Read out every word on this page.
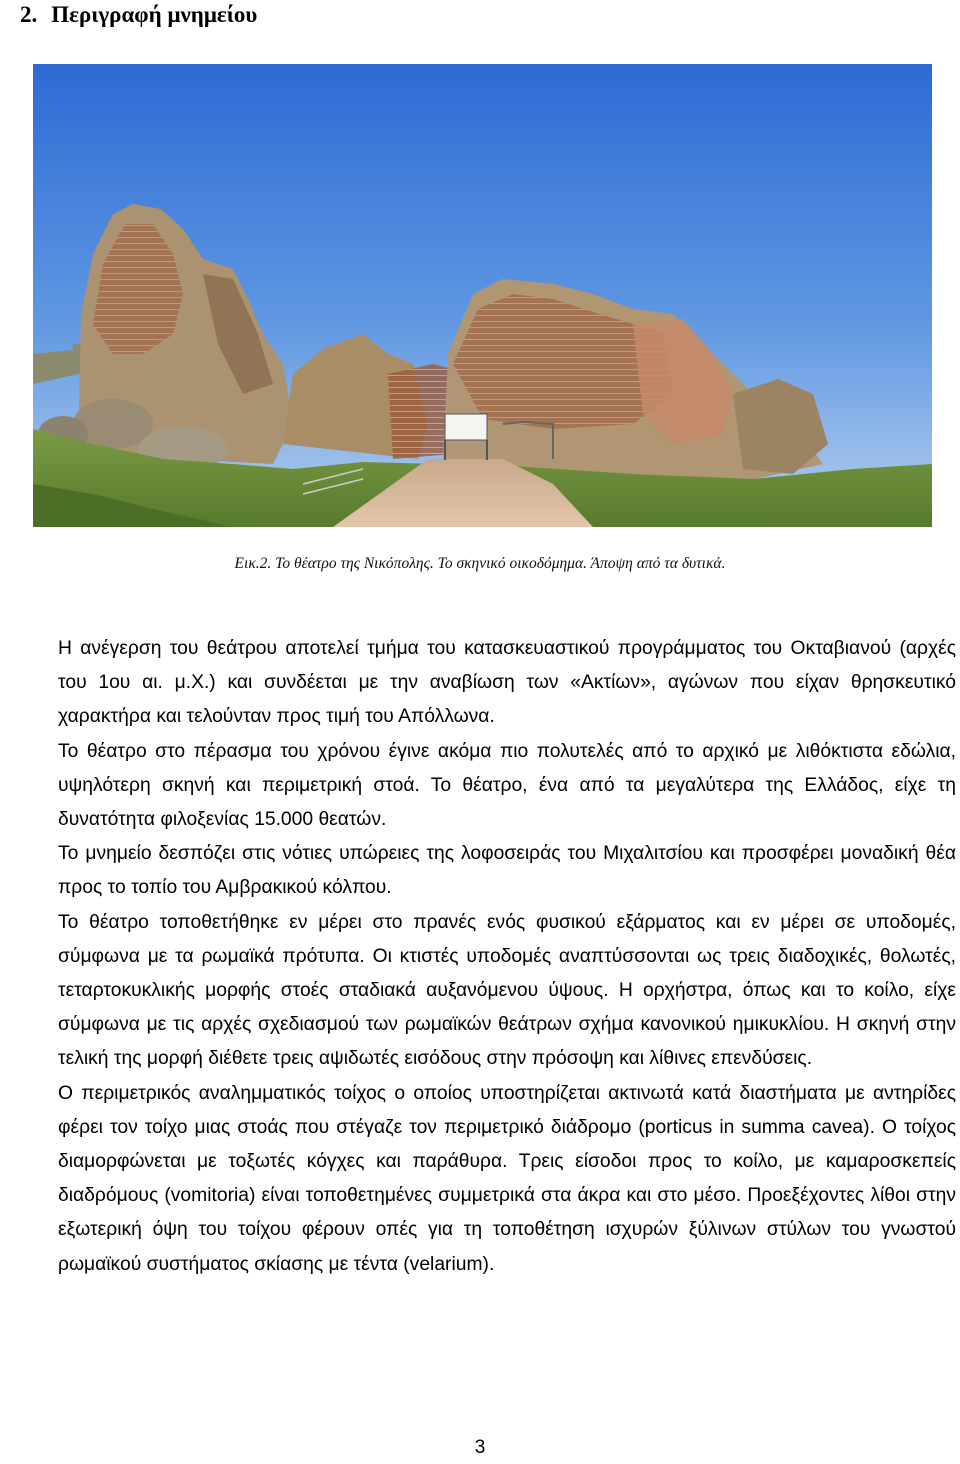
2. Περιγραφή μνημείου
Εικ.2. Το θέατρο της Νικόπολης. Το σκηνικό οικοδόμημα. Άποψη από τα δυτικά.

Η ανέγερση του θεάτρου αποτελεί τμήμα του κατασκευαστικού προγράμματος του Οκταβιανού (αρχές του 1ου αι. μ.Χ.) και συνδέεται με την αναβίωση των «Ακτίων», αγώνων που είχαν θρησκευτικό χαρακτήρα και τελούνταν προς τιμή του Απόλλωνα.

Το θέατρο στο πέρασμα του χρόνου έγινε ακόμα πιο πολυτελές από το αρχικό με λιθόκτιστα εδώλια, υψηλότερη σκηνή και περιμετρική στοά. Το θέατρο, ένα από τα μεγαλύτερα της Ελλάδος, είχε τη δυνατότητα φιλοξενίας 15.000 θεατών.

Το μνημείο δεσπόζει στις νότιες υπώρειες της λοφοσειράς του Μιχαλιτσίου και προσφέρει μοναδική θέα προς το τοπίο του Αμβρακικού κόλπου.

Το θέατρο τοποθετήθηκε εν μέρει στο πρανές ενός φυσικού εξάρματος και εν μέρει σε υποδομές, σύμφωνα με τα ρωμαϊκά πρότυπα. Οι κτιστές υποδομές αναπτύσσονται ως τρεις διαδοχικές, θολωτές, τεταρτοκυκλικής μορφής στοές σταδιακά αυξανόμενου ύψους. Η ορχήστρα, όπως και το κοίλο, είχε σύμφωνα με τις αρχές σχεδιασμού των ρωμαϊκών θεάτρων σχήμα κανονικού ημικυκλίου. Η σκηνή στην τελική της μορφή διέθετε τρεις αψιδωτές εισόδους στην πρόσοψη και λίθινες επενδύσεις.

Ο περιμετρικός αναλημματικός τοίχος ο οποίος υποστηρίζεται ακτινωτά κατά διαστήματα με αντηρίδες φέρει τον τοίχο μιας στοάς που στέγαζε τον περιμετρικό διάδρομο (porticus in summa cavea). Ο τοίχος διαμορφώνεται με τοξωτές κόγχες και παράθυρα. Τρεις είσοδοι προς το κοίλο, με καμαροσκεπείς διαδρόμους (vomitoria) είναι τοποθετημένες συμμετρικά στα άκρα και στο μέσο. Προεξέχοντες λίθοι στην εξωτερική όψη του τοίχου φέρουν οπές για τη τοποθέτηση ισχυρών ξύλινων στύλων του γνωστού ρωμαϊκού συστήματος σκίασης με τέντα (velarium).

3
